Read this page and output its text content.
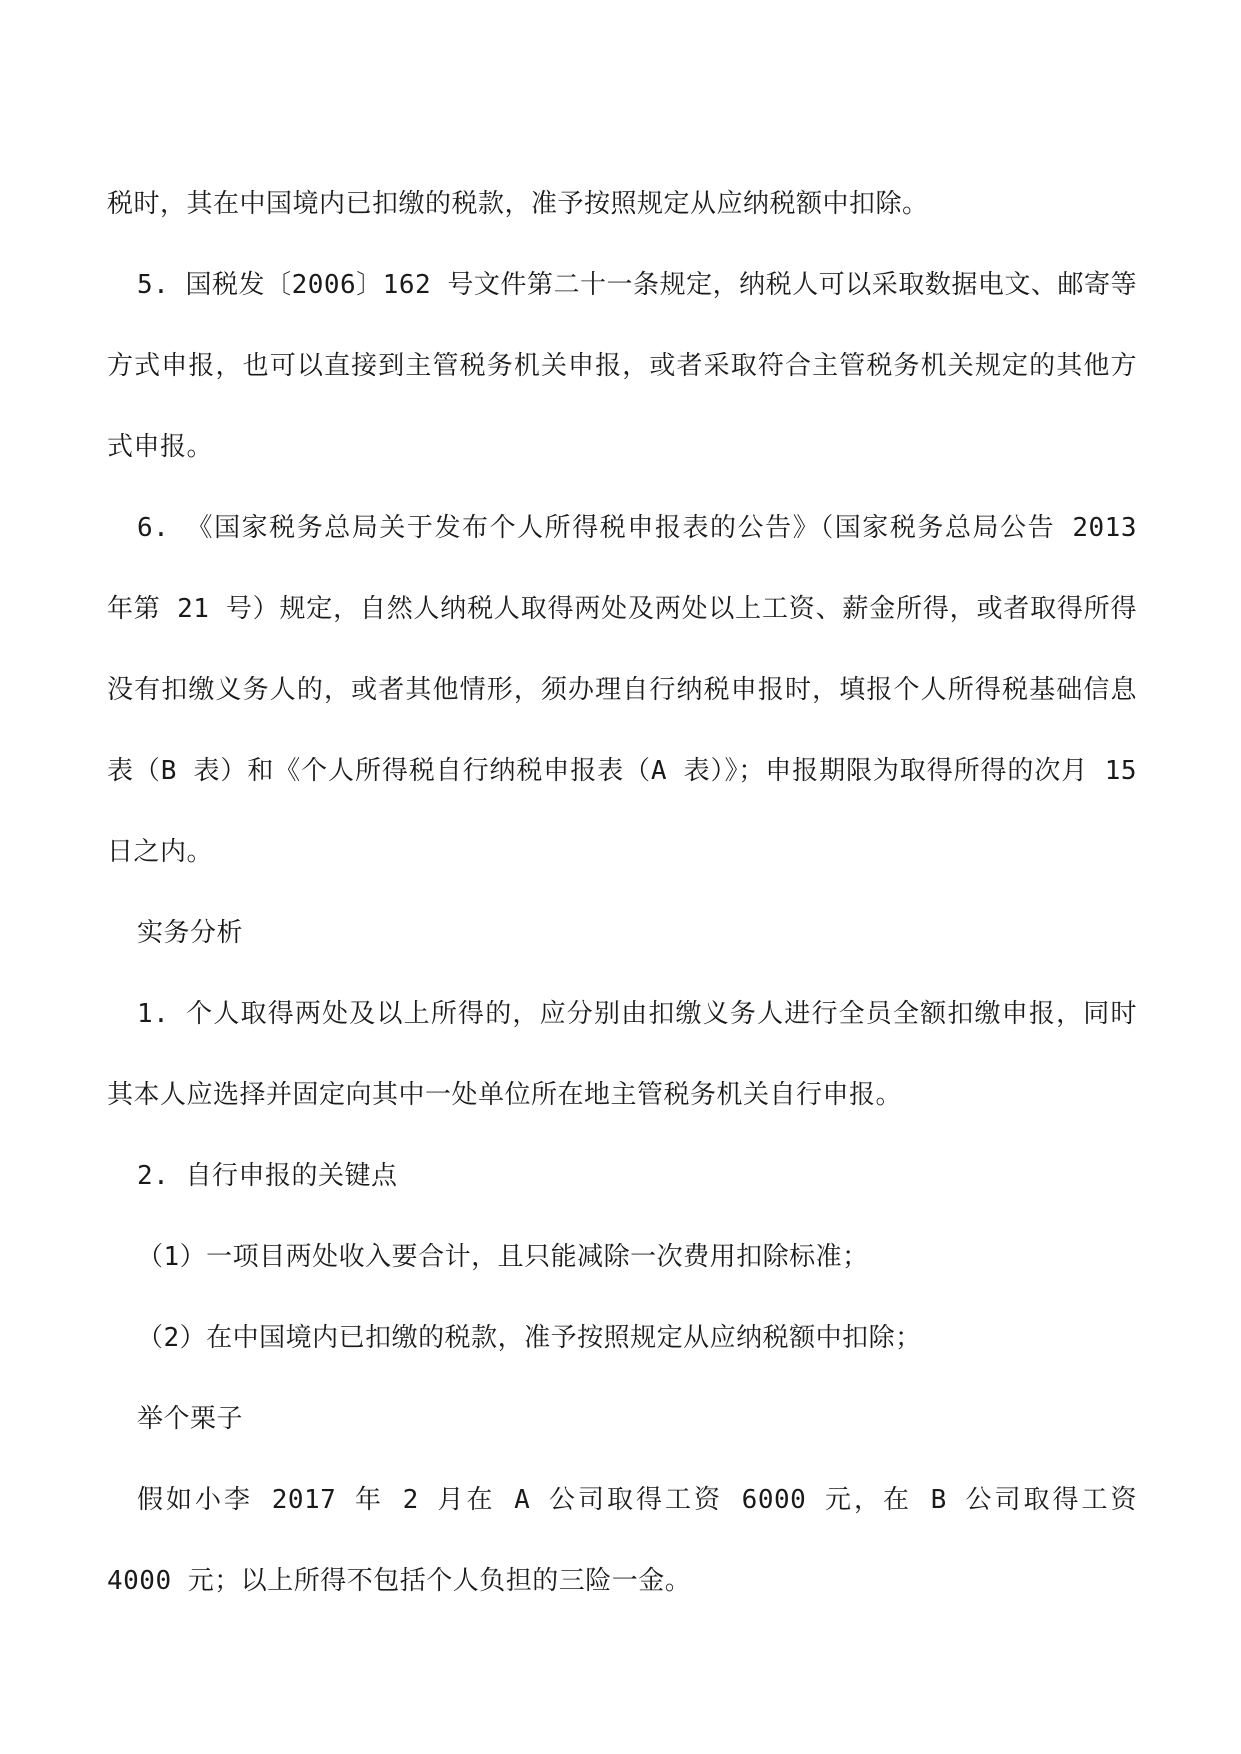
税时，其在中国境内已扣缴的税款，准予按照规定从应纳税额中扣除。

5. 国税发〔2006〕162 号文件第二十一条规定，纳税人可以采取数据电文、邮寄等方式申报，也可以直接到主管税务机关申报，或者采取符合主管税务机关规定的其他方式申报。

6. 《国家税务总局关于发布个人所得税申报表的公告》（国家税务总局公告 2013 年第 21 号）规定，自然人纳税人取得两处及两处以上工资、薪金所得，或者取得所得没有扣缴义务人的，或者其他情形，须办理自行纳税申报时，填报个人所得税基础信息表（B 表）和《个人所得税自行纳税申报表（A 表）》；申报期限为取得所得的次月 15 日之内。

实务分析

1. 个人取得两处及以上所得的，应分别由扣缴义务人进行全员全额扣缴申报，同时其本人应选择并固定向其中一处单位所在地主管税务机关自行申报。

2. 自行申报的关键点

（1）一项目两处收入要合计，且只能减除一次费用扣除标准；

（2）在中国境内已扣缴的税款，准予按照规定从应纳税额中扣除；

举个栗子

假如小李 2017 年 2 月在 A 公司取得工资 6000 元，在 B 公司取得工资 4000 元；以上所得不包括个人负担的三险一金。
